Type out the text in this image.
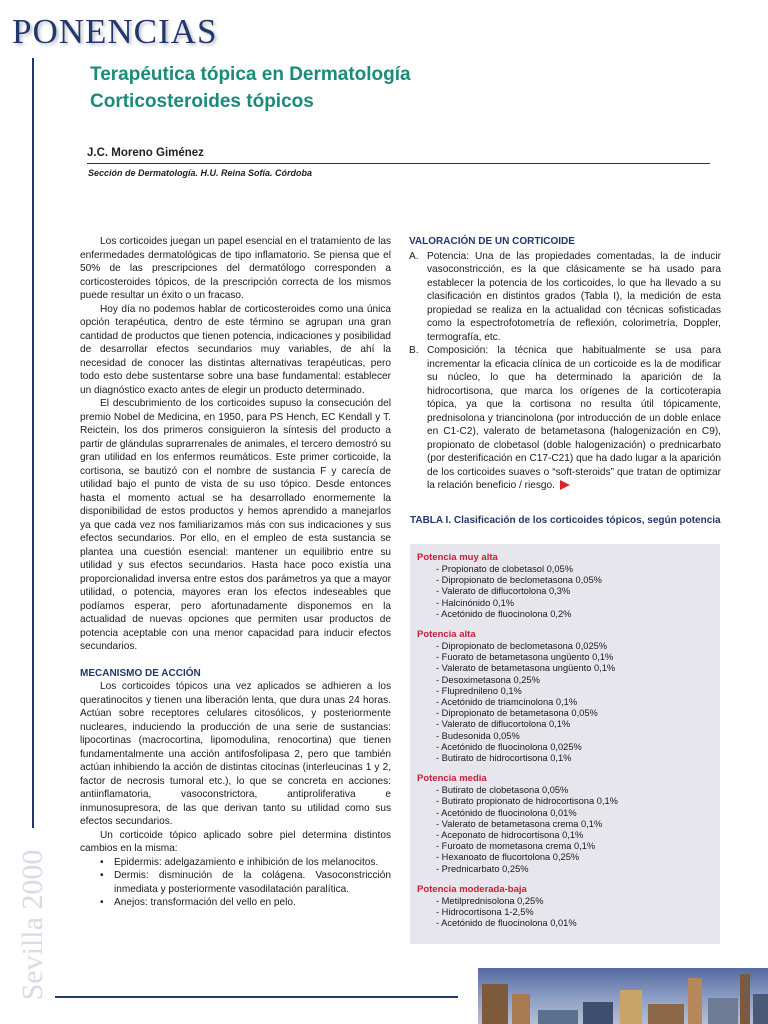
PONENCIAS
Sevilla 2000
Terapéutica tópica en Dermatología
Corticosteroides tópicos
J.C. Moreno Giménez
Sección de Dermatología. H.U. Reina Sofía. Córdoba

Los corticoides juegan un papel esencial en el tratamiento de las enfermedades dermatológicas de tipo inflamatorio. Se piensa que el 50% de las prescripciones del dermatólogo corresponden a corticosteroides tópicos, de la prescripción correcta de los mismos puede resultar un éxito o un fracaso.

Hoy día no podemos hablar de corticosteroides como una única opción terapéutica, dentro de este término se agrupan una gran cantidad de productos que tienen potencia, indicaciones y posibilidad de desarrollar efectos secundarios muy variables, de ahí la necesidad de conocer las distintas alternativas terapéuticas, pero todo esto debe sustentarse sobre una base fundamental: establecer un diagnóstico exacto antes de elegir un producto determinado.

El descubrimiento de los corticoides supuso la consecución del premio Nobel de Medicina, en 1950, para PS Hench, EC Kendall y T. Reictein, los dos primeros consiguieron la síntesis del producto a partir de glándulas suprarrenales de animales, el tercero demostró su gran utilidad en los enfermos reumáticos. Este primer corticoide, la cortisona, se bautizó con el nombre de sustancia F y carecía de utilidad bajo el punto de vista de su uso tópico. Desde entonces hasta el momento actual se ha desarrollado enormemente la disponibilidad de estos productos y hemos aprendido a manejarlos ya que cada vez nos familiarizamos más con sus indicaciones y sus efectos secundarios. Por ello, en el empleo de esta sustancia se plantea una cuestión esencial: mantener un equilibrio entre su utilidad y sus efectos secundarios. Hasta hace poco existía una proporcionalidad inversa entre estos dos parámetros ya que a mayor utilidad, o potencia, mayores eran los efectos indeseables que podíamos esperar, pero afortunadamente disponemos en la actualidad de nuevas opciones que permiten usar productos de potencia aceptable con una menor capacidad para inducir efectos secundarios.

MECANISMO DE ACCIÓN

Los corticoides tópicos una vez aplicados se adhieren a los queratinocitos y tienen una liberación lenta, que dura unas 24 horas. Actúan sobre receptores celulares citosólicos, y posteriormente nucleares, induciendo la producción de una serie de sustancias: lipocortinas (macrocortina, lipomodulina, renocortina) que tienen fundamentalmente una acción antifosfolipasa 2, pero que también actúan inhibiendo la acción de distintas citocinas (interleucinas 1 y 2, factor de necrosis tumoral etc.), lo que se concreta en acciones: antiinflamatoria, vasoconstrictora, antiproliferativa e inmunosupresora, de las que derivan tanto su utilidad como sus efectos secundarios.

Un corticoide tópico aplicado sobre piel determina distintos cambios en la misma:

• Epidermis: adelgazamiento e inhibición de los melanocitos.
• Dermis: disminución de la colágena. Vasoconstricción inmediata y posteriormente vasodilatación paralítica.
• Anejos: transformación del vello en pelo.
VALORACIÓN DE UN CORTICOIDE
A. Potencia: Una de las propiedades comentadas, la de inducir vasoconstricción, es la que clásicamente se ha usado para establecer la potencia de los corticoides, lo que ha llevado a su clasificación en distintos grados (Tabla I), la medición de esta propiedad se realiza en la actualidad con técnicas sofisticadas como la espectrofotometría de reflexión, colorimetría, Doppler, termografía, etc.
B. Composición: la técnica que habitualmente se usa para incrementar la eficacia clínica de un corticoide es la de modificar su núcleo, lo que ha determinado la aparición de la hidrocortisona, que marca los orígenes de la corticoterapia tópica, ya que la cortisona no resulta útil tópicamente, prednisolona y triancinolona (por introducción de un doble enlace en C1-C2), valerato de betametasona (halogenización en C9), propionato de clobetasol (doble halogenización) o prednicarbato (por desterificación en C17-C21) que ha dado lugar a la aparición de los corticoides suaves o “soft-steroids” que tratan de optimizar la relación beneficio / riesgo.
TABLA I. Clasificación de los corticoides tópicos, según potencia
Potencia muy alta
- Propionato de clobetasol 0,05%
- Dipropionato de beclometasona 0,05%
- Valerato de diflucortolona 0,3%
- Halcinónido 0,1%
- Acetónido de fluocinolona 0,2%
Potencia alta
- Dipropionato de beclometasona 0,025%
- Fuorato de betametasona ungüento 0,1%
- Valerato de betametasona ungüento 0,1%
- Desoximetasona 0,25%
- Fluprednileno 0,1%
- Acetónido de triamcinolona 0,1%
- Dipropionato de betametasona 0,05%
- Valerato de diflucortolona 0,1%
- Budesonida 0,05%
- Acetónido de fluocinolona 0,025%
- Butirato de hidrocortisona 0,1%
Potencia media
- Butirato de clobetasona 0,05%
- Butirato propionato de hidrocortisona 0,1%
- Acetónido de fluocinolona 0,01%
- Valerato de betametasona crema 0,1%
- Aceponato de hidrocortisona 0,1%
- Furoato de mometasona crema 0,1%
- Hexanoato de flucortolona 0,25%
- Prednicarbato 0,25%
Potencia moderada-baja
- Metilprednisolona 0,25%
- Hidrocortisona 1-2,5%
- Acetónido de fluocinolona 0,01%
